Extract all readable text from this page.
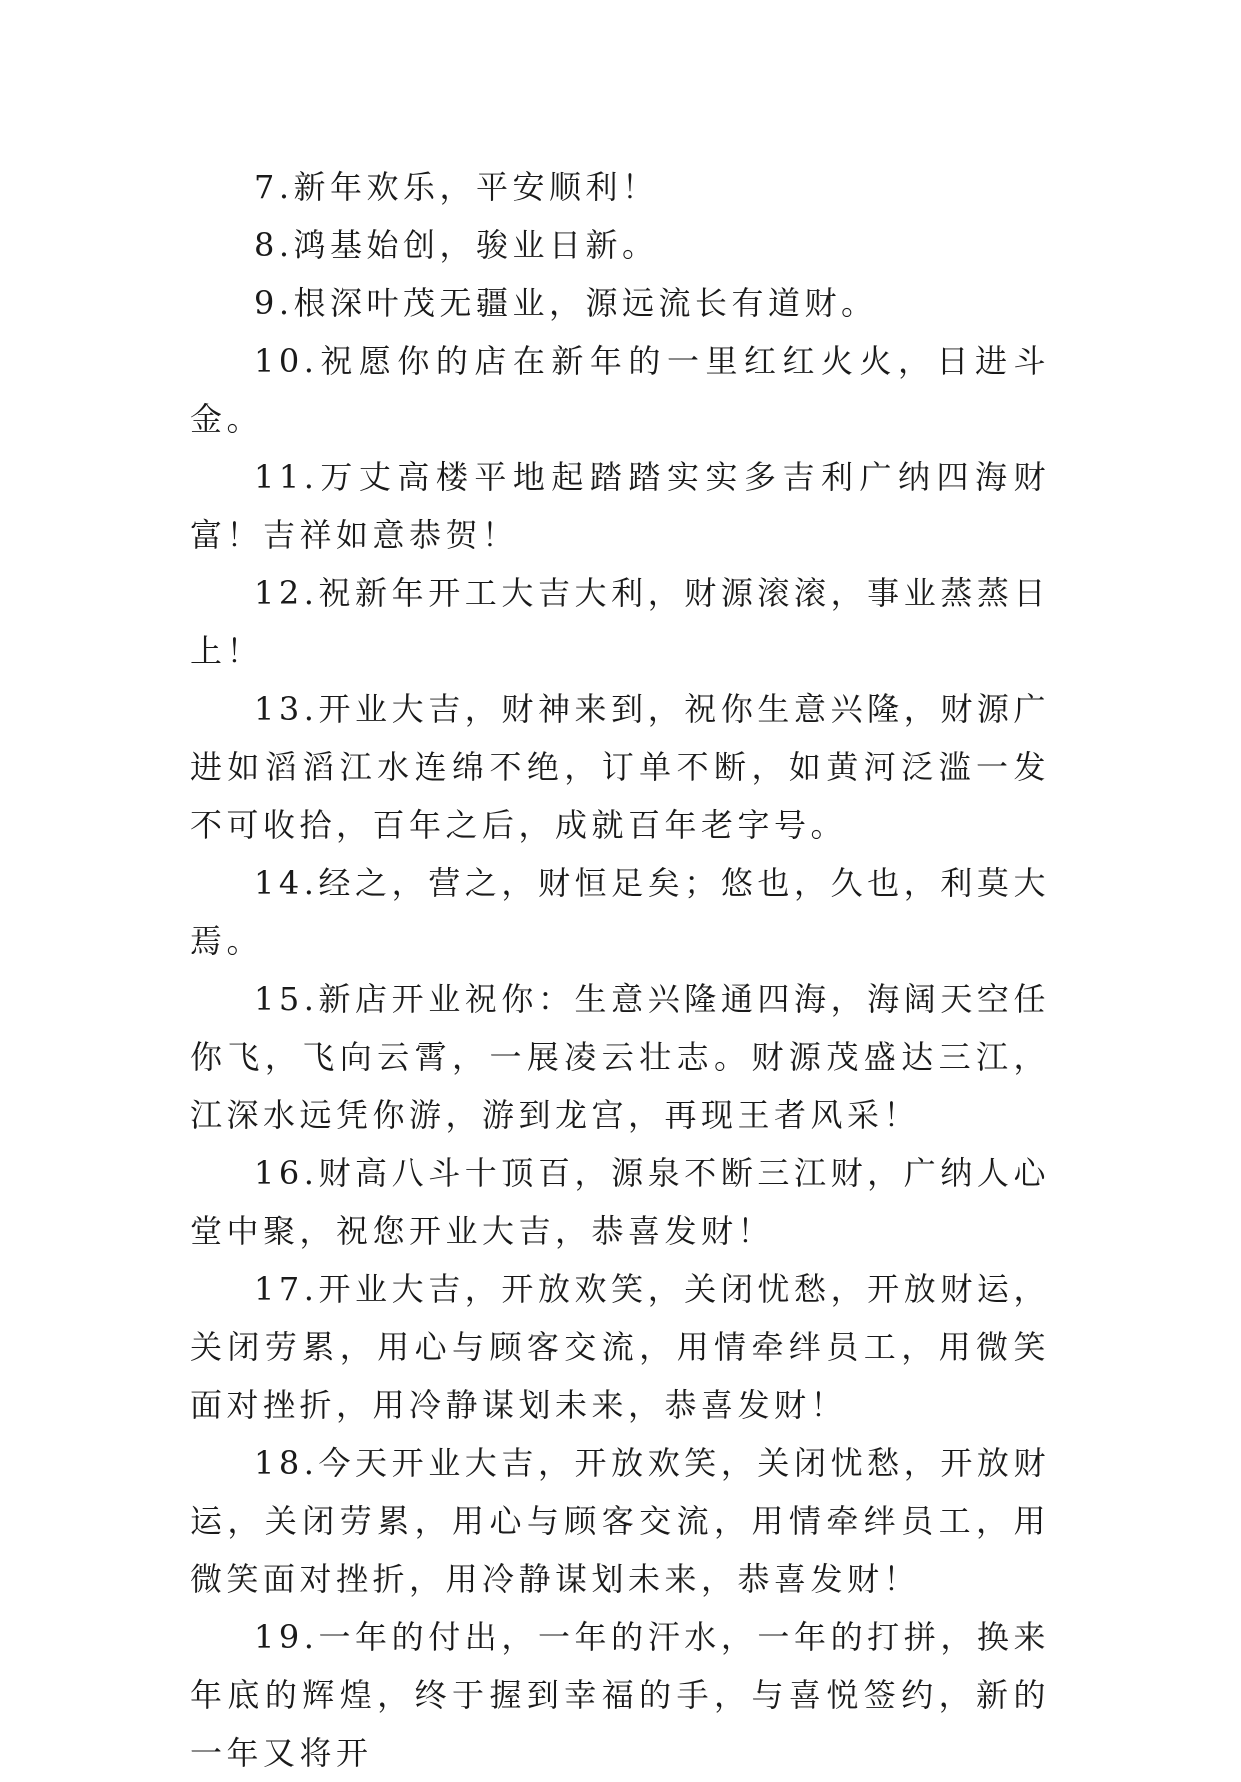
7.新年欢乐，平安顺利！

8.鸿基始创，骏业日新。

9.根深叶茂无疆业，源远流长有道财。

10.祝愿你的店在新年的一里红红火火，日进斗金。

11.万丈高楼平地起踏踏实实多吉利广纳四海财富！吉祥如意恭贺！

12.祝新年开工大吉大利，财源滚滚，事业蒸蒸日上！

13.开业大吉，财神来到，祝你生意兴隆，财源广进如滔滔江水连绵不绝，订单不断，如黄河泛滥一发不可收拾，百年之后，成就百年老字号。

14.经之，营之，财恒足矣；悠也，久也，利莫大焉。

15.新店开业祝你：生意兴隆通四海，海阔天空任你飞，飞向云霄，一展凌云壮志。财源茂盛达三江，江深水远凭你游，游到龙宫，再现王者风采！

16.财高八斗十顶百，源泉不断三江财，广纳人心堂中聚，祝您开业大吉，恭喜发财！

17.开业大吉，开放欢笑，关闭忧愁，开放财运，关闭劳累，用心与顾客交流，用情牵绊员工，用微笑面对挫折，用冷静谋划未来，恭喜发财！

18.今天开业大吉，开放欢笑，关闭忧愁，开放财运，关闭劳累，用心与顾客交流，用情牵绊员工，用微笑面对挫折，用冷静谋划未来，恭喜发财！

19.一年的付出，一年的汗水，一年的打拼，换来年底的辉煌，终于握到幸福的手，与喜悦签约，新的一年又将开
